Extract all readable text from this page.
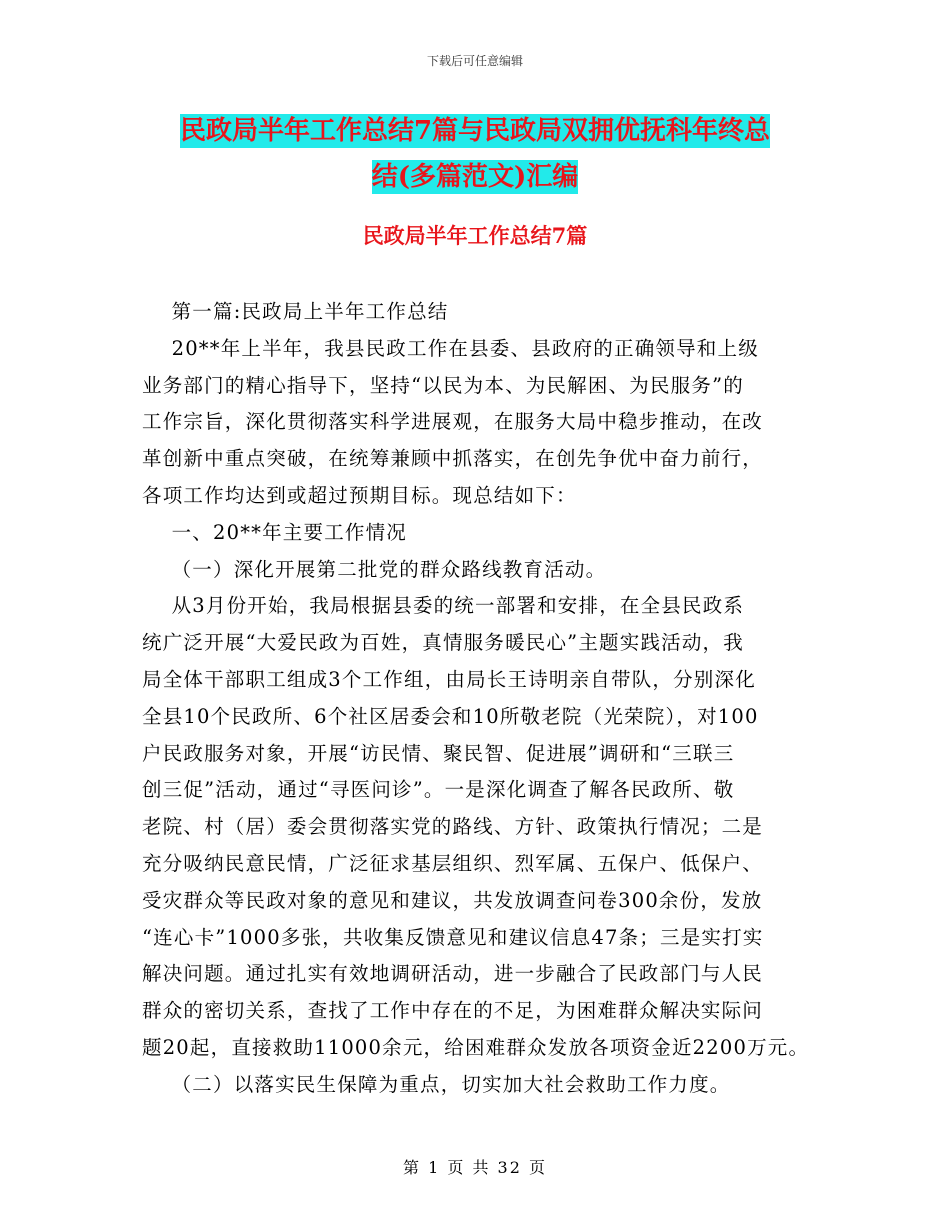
下载后可任意编辑
民政局半年工作总结7篇与民政局双拥优抚科年终总
结(多篇范文)汇编
民政局半年工作总结7篇

第一篇:民政局上半年工作总结

20**年上半年，我县民政工作在县委、县政府的正确领导和上级

业务部门的精心指导下，坚持“以民为本、为民解困、为民服务”的

工作宗旨，深化贯彻落实科学进展观，在服务大局中稳步推动，在改

革创新中重点突破，在统筹兼顾中抓落实，在创先争优中奋力前行，

各项工作均达到或超过预期目标。现总结如下：

一、20**年主要工作情况

（一）深化开展第二批党的群众路线教育活动。

从3月份开始，我局根据县委的统一部署和安排，在全县民政系

统广泛开展“大爱民政为百姓，真情服务暖民心”主题实践活动，我

局全体干部职工组成3个工作组，由局长王诗明亲自带队，分别深化

全县10个民政所、6个社区居委会和10所敬老院（光荣院），对100

户民政服务对象，开展“访民情、聚民智、促进展”调研和“三联三

创三促”活动，通过“寻医问诊”。一是深化调查了解各民政所、敬

老院、村（居）委会贯彻落实党的路线、方针、政策执行情况；二是

充分吸纳民意民情，广泛征求基层组织、烈军属、五保户、低保户、

受灾群众等民政对象的意见和建议，共发放调查问卷300余份，发放

“连心卡”1000多张，共收集反馈意见和建议信息47条；三是实打实

解决问题。通过扎实有效地调研活动，进一步融合了民政部门与人民

群众的密切关系，查找了工作中存在的不足，为困难群众解决实际问

题20起，直接救助11000余元，给困难群众发放各项资金近2200万元。

（二）以落实民生保障为重点，切实加大社会救助工作力度。

第 1 页 共 32 页
